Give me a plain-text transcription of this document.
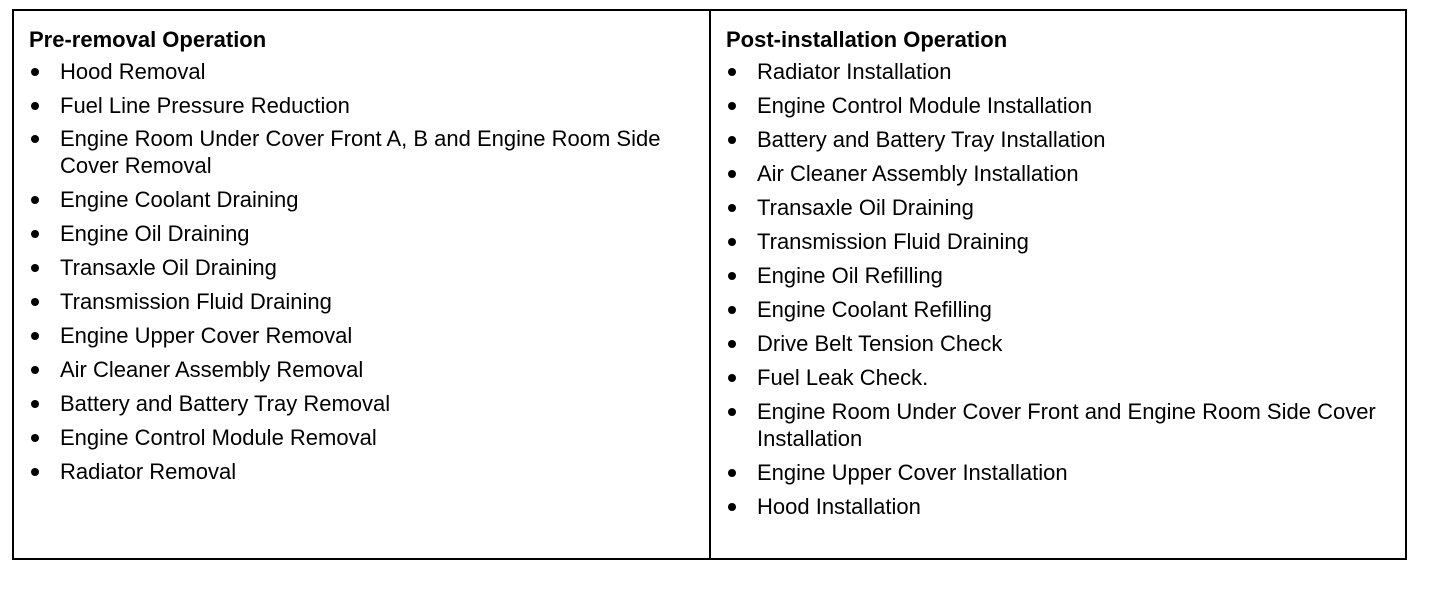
Pre-removal Operation
Hood Removal
Fuel Line Pressure Reduction
Engine Room Under Cover Front A, B and Engine Room Side Cover Removal
Engine Coolant Draining
Engine Oil Draining
Transaxle Oil Draining
Transmission Fluid Draining
Engine Upper Cover Removal
Air Cleaner Assembly Removal
Battery and Battery Tray Removal
Engine Control Module Removal
Radiator Removal
Post-installation Operation
Radiator Installation
Engine Control Module Installation
Battery and Battery Tray Installation
Air Cleaner Assembly Installation
Transaxle Oil Draining
Transmission Fluid Draining
Engine Oil Refilling
Engine Coolant Refilling
Drive Belt Tension Check
Fuel Leak Check.
Engine Room Under Cover Front and Engine Room Side Cover Installation
Engine Upper Cover Installation
Hood Installation
